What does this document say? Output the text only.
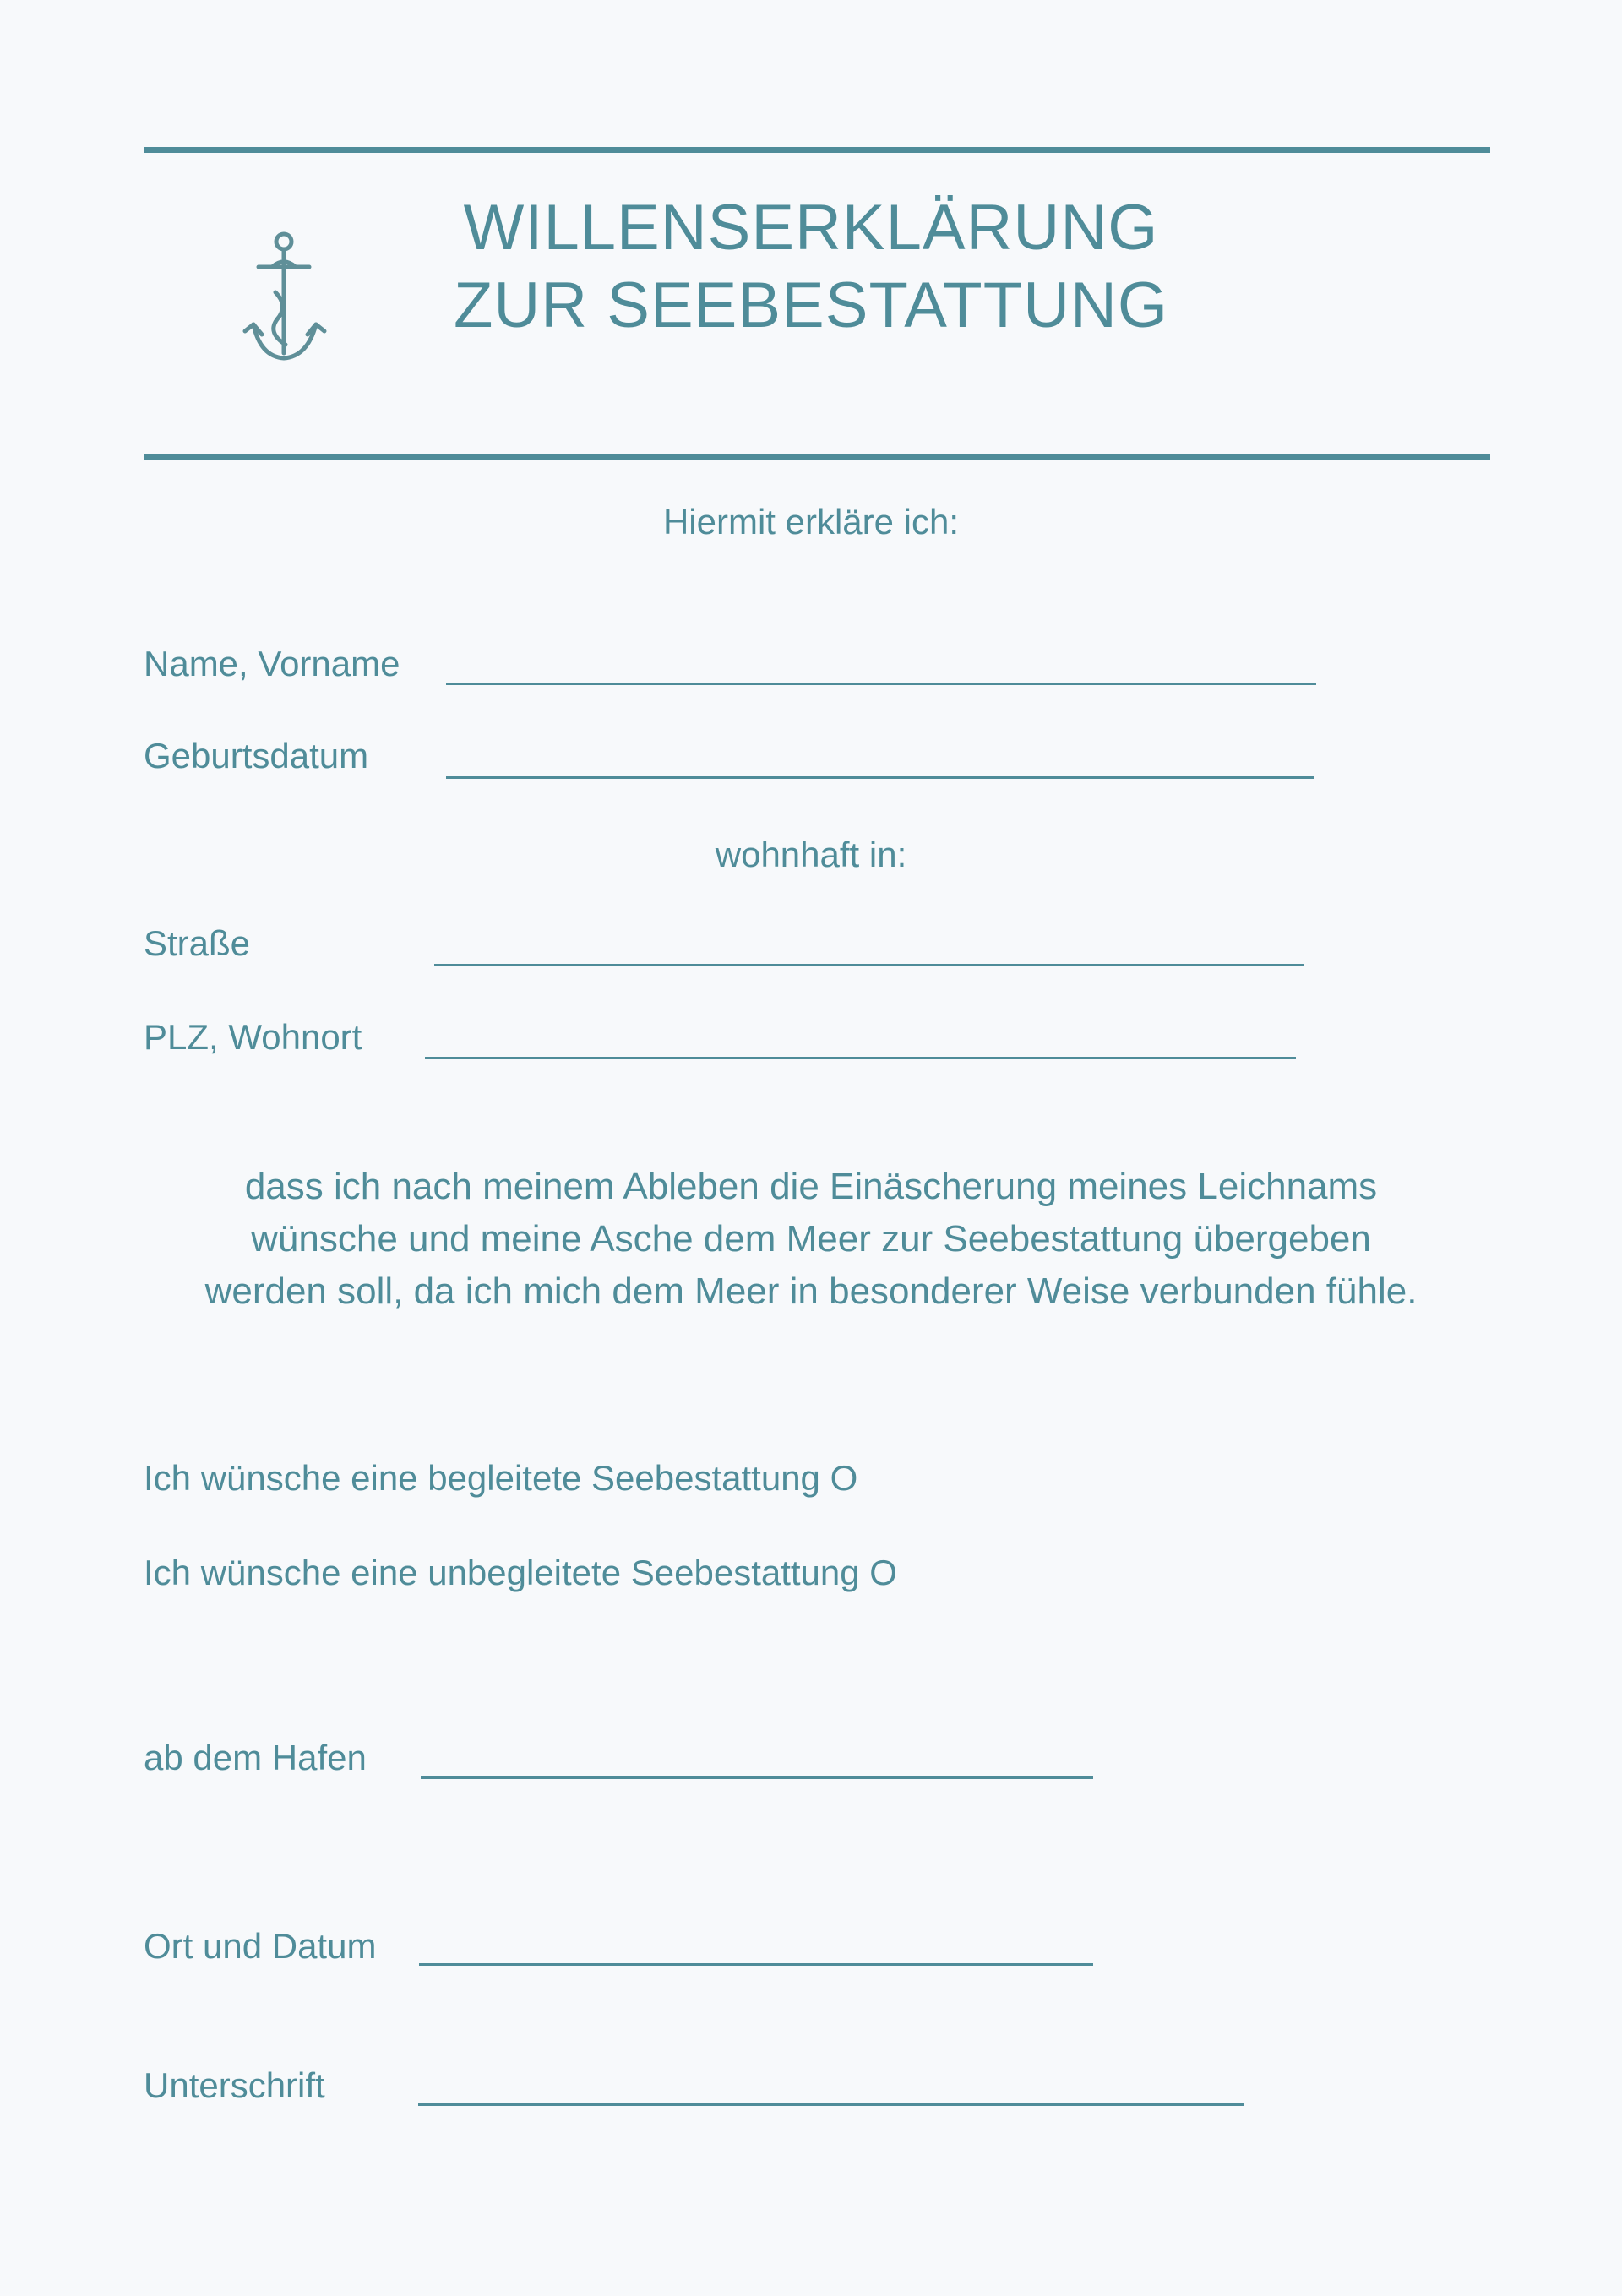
WILLENSERKLÄRUNG
ZUR SEEBESTATTUNG
Hiermit erkläre ich:
Name, Vorname
Geburtsdatum
wohnhaft in:
Straße
PLZ, Wohnort
dass ich nach meinem Ableben die Einäscherung meines Leichnams wünsche und meine Asche dem Meer zur Seebestattung übergeben werden soll, da ich mich dem Meer in besonderer Weise verbunden fühle.
Ich wünsche eine begleitete Seebestattung O
Ich wünsche eine unbegleitete Seebestattung O
ab dem Hafen
Ort und Datum
Unterschrift
